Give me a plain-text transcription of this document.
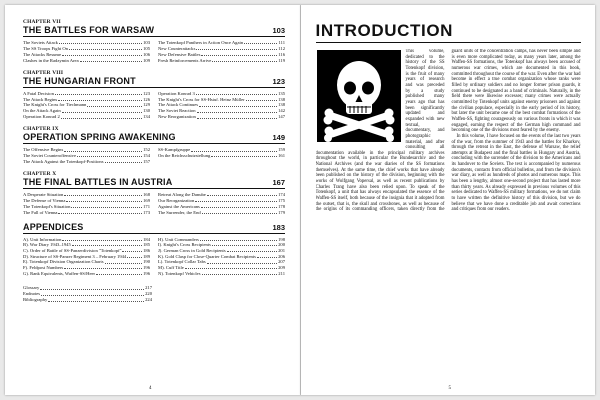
CHAPTER VII
THE BATTLES FOR WARSAW	103
The Soviets Attack	103
The SS Troops Fight On	105
The Attacks Resume	106
Clashes in the Radzymin Area	109
The Totenkopf Panthers in Action Once Again	111
New Counterattacks	112
New Defensive Battles	116
Fresh Reinforcements Arrive	119
CHAPTER VIII
THE HUNGARIAN FRONT	123
A Fatal Decision	123
The Attack Begins	126
The Knight's Cross for Tiechmann	129
On the Attack Again	130
Operation Konrad 2	134
Operation Konrad 3	135
The Knight's Cross for SS-Hstuf. Heinz Müller	138
The Attack Continues	138
The Soviet Reaction	142
New Reorganization	147
CHAPTER IX
OPERATION SPRING AWAKENING	149
The Offensive Begins	152
The Soviet Counteroffensive	154
The Attack Against the Totenkopf-Positions	157
SS-Kampfgruppe	159
On the Reichsschutzstellung	161
CHAPTER X
THE FINAL BATTLES IN AUSTRIA	167
A Desperate Situation	168
The Defense of Vienna	169
The Totenkopf's Situation	171
The Fall of Vienna	173
Retreat Along the Danube	174
Our Reorganization	175
Against the Americans	178
The Surrender, the End	179
APPENDICES	183
A). Unit Information	184
B). War Diary 1943–1945	185
C). Order of Battle of SS-Panzerdivision "Totenkopf"	186
D). Structure of SS-Panzer Regiment 3 – February 1944	189
E). Totenkopf Division Organization Charts	190
F). Feldpost Numbers	196
G). Rank Equivalents, Waffen-SS/Heer	196
H). Unit Commanders	198
I). Knight's Cross Recipients	200
J). German Cross in Gold Recipients	201
K). Gold Clasp for Close-Quarter Combat Recipients	206
L). Totenkopf Collar Tabs	207
M). Cuff Title	209
N). Totenkopf Vehicles	211
Glossary	217
Endnotes	220
Bibliography	224
4
INTRODUCTION

This volume, dedicated to the history of the SS Totenkopf division, is the fruit of many years of research and was preceded by a study published many years ago that has been significantly updated and expanded with new textual, documentary, and photographic material, and after consulting all documentation available in the principal military archives throughout the world, in particular the Bundesarchiv and the National Archives (and the war diaries of the SS formations themselves). At the same time, the chief works that have already been published on the history of the division, beginning with the works of Wolfgang Vopersal, as well as recent publications by Charles Trang have also been relied upon. To speak of the Totenkopf, a unit that has always encapsulated the essence of the Waffen-SS itself, both because of the insignia that it adopted from the outset, that is, the skull and crossbones, as well as because of the origins of its commanding officers, taken directly from the guard units of the concentration camps, has never been simple and is even more complicated today, as many years later, among the Waffen-SS formations, the Totenkopf has always been accused of numerous war crimes, which are documented in this book, committed throughout the course of the war. Even after the war had become in effect a true combat organization whose ranks were filled by ordinary soldiers and no longer former prison guards, it continued to be designated as a band of criminals. Naturally, in the field there were likewise excesses; many crimes were actually committed by Totenkopf units against enemy prisoners and against the civilian populace, especially in the early period of its history, but later the unit became one of the best combat formations of the Waffen-SS, fighting courageously on various fronts in which it was engaged, earning the respect of the German high command and becoming one of the divisions most feared by the enemy.

In this volume, I have focused on the events of the last two years of the war, from the summer of 1943 and the battles for Kharkov, through the retreat in the East, the defense of Warsaw, the relief attempts at Budapest and the final battles in Hungary and Austria, concluding with the surrender of the division to the Americans and its handover to the Soviets. The text is accompanied by numerous documents, contacts from official bulletins, and from the division's war diary, as well as hundreds of photos and numerous maps. This has been a lengthy, almost one-second project that has lasted more than thirty years. As already expressed in previous volumes of this series dedicated to Waffen-SS military formations, we do not claim to have written the definitive history of this division, but we do believe that we have done a creditable job and await corrections and critiques from our readers.

5
